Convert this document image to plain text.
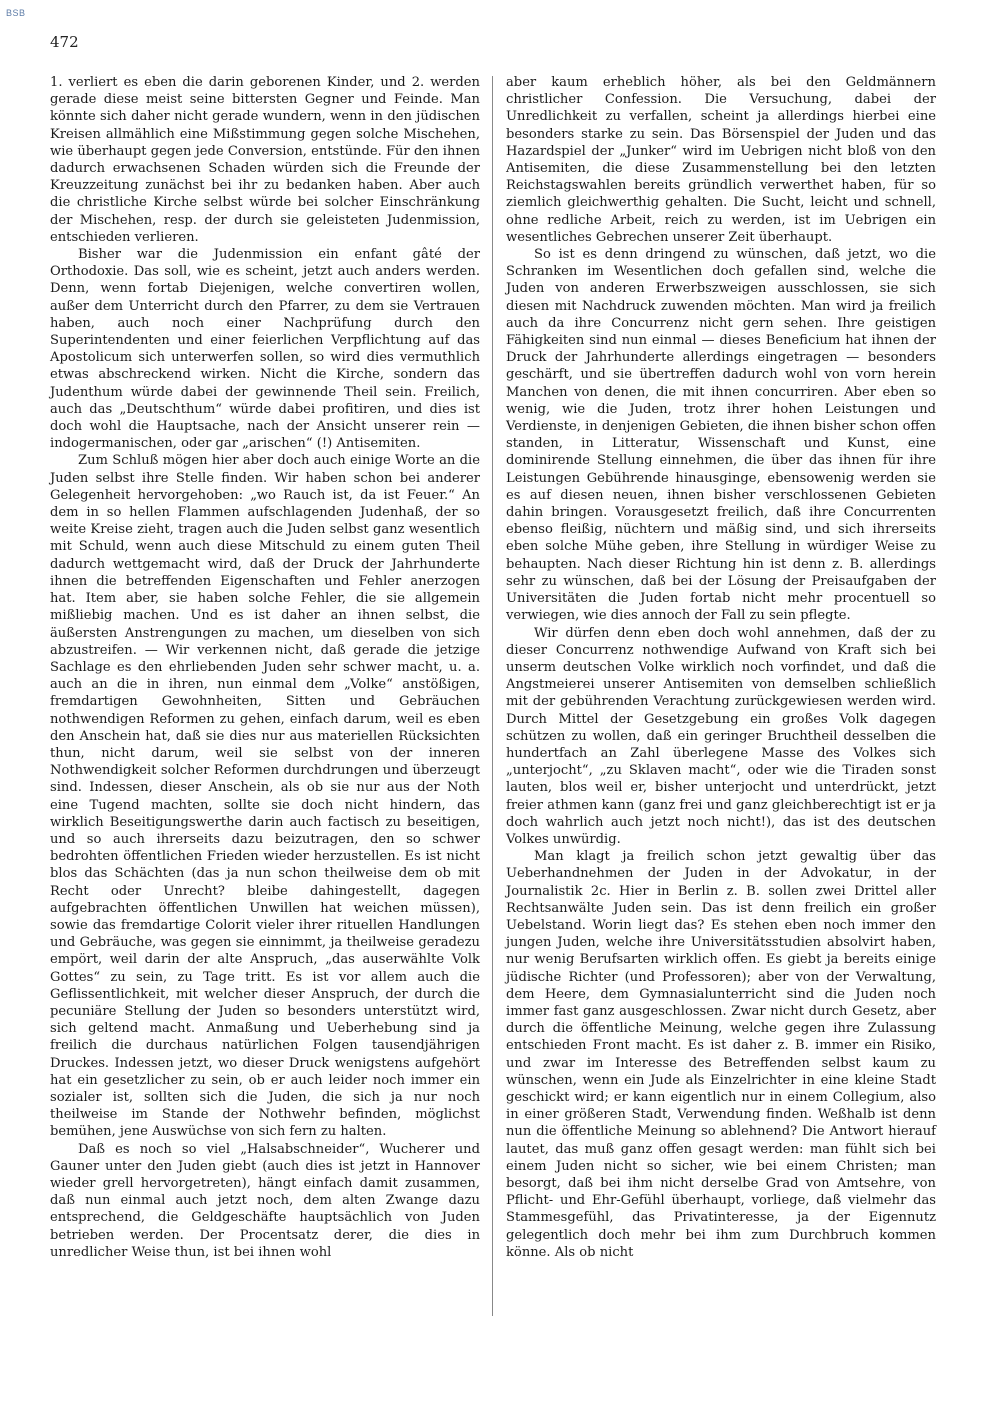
BSB
472

1. verliert es eben die darin geborenen Kinder, und 2. werden gerade diese meist seine bittersten Gegner und Feinde. Man könnte sich daher nicht gerade wundern, wenn in den jüdischen Kreisen allmählich eine Mißstimmung gegen solche Mischehen, wie überhaupt gegen jede Conversion, entstünde. Für den ihnen dadurch erwachsenen Schaden würden sich die Freunde der Kreuzzeitung zunächst bei ihr zu bedanken haben. Aber auch die christliche Kirche selbst würde bei solcher Einschränkung der Mischehen, resp. der durch sie geleisteten Judenmission, entschieden verlieren.

Bisher war die Judenmission ein enfant gâté der Orthodoxie. Das soll, wie es scheint, jetzt auch anders werden. Denn, wenn fortab Diejenigen, welche convertiren wollen, außer dem Unterricht durch den Pfarrer, zu dem sie Vertrauen haben, auch noch einer Nachprüfung durch den Superintendenten und einer feierlichen Verpflichtung auf das Apostolicum sich unterwerfen sollen, so wird dies vermuthlich etwas abschreckend wirken. Nicht die Kirche, sondern das Judenthum würde dabei der gewinnende Theil sein. Freilich, auch das „Deutschthum“ würde dabei profitiren, und dies ist doch wohl die Hauptsache, nach der Ansicht unserer rein — indogermanischen, oder gar „arischen“ (!) Antisemiten.

Zum Schluß mögen hier aber doch auch einige Worte an die Juden selbst ihre Stelle finden. Wir haben schon bei anderer Gelegenheit hervorgehoben: „wo Rauch ist, da ist Feuer.“ An dem in so hellen Flammen aufschlagenden Judenhaß, der so weite Kreise zieht, tragen auch die Juden selbst ganz wesentlich mit Schuld, wenn auch diese Mitschuld zu einem guten Theil dadurch wettgemacht wird, daß der Druck der Jahrhunderte ihnen die betreffenden Eigenschaften und Fehler anerzogen hat. Item aber, sie haben solche Fehler, die sie allgemein mißliebig machen. Und es ist daher an ihnen selbst, die äußersten Anstrengungen zu machen, um dieselben von sich abzustreifen. — Wir verkennen nicht, daß gerade die jetzige Sachlage es den ehrliebenden Juden sehr schwer macht, u. a. auch an die in ihren, nun einmal dem „Volke“ anstößigen, fremdartigen Gewohnheiten, Sitten und Gebräuchen nothwendigen Reformen zu gehen, einfach darum, weil es eben den Anschein hat, daß sie dies nur aus materiellen Rücksichten thun, nicht darum, weil sie selbst von der inneren Nothwendigkeit solcher Reformen durchdrungen und überzeugt sind. Indessen, dieser Anschein, als ob sie nur aus der Noth eine Tugend machten, sollte sie doch nicht hindern, das wirklich Beseitigungswerthe darin auch factisch zu beseitigen, und so auch ihrerseits dazu beizutragen, den so schwer bedrohten öffentlichen Frieden wieder herzustellen. Es ist nicht blos das Schächten (das ja nun schon theilweise dem ob mit Recht oder Unrecht? bleibe dahingestellt, dagegen aufgebrachten öffentlichen Unwillen hat weichen müssen), sowie das fremdartige Colorit vieler ihrer rituellen Handlungen und Gebräuche, was gegen sie einnimmt, ja theilweise geradezu empört, weil darin der alte Anspruch, „das auserwählte Volk Gottes“ zu sein, zu Tage tritt. Es ist vor allem auch die Geflissentlichkeit, mit welcher dieser Anspruch, der durch die pecuniäre Stellung der Juden so besonders unterstützt wird, sich geltend macht. Anmaßung und Ueberhebung sind ja freilich die durchaus natürlichen Folgen tausendjährigen Druckes. Indessen jetzt, wo dieser Druck wenigstens aufgehört hat ein gesetzlicher zu sein, ob er auch leider noch immer ein sozialer ist, sollten sich die Juden, die sich ja nur noch theilweise im Stande der Nothwehr befinden, möglichst bemühen, jene Auswüchse von sich fern zu halten.

Daß es noch so viel „Halsabschneider“, Wucherer und Gauner unter den Juden giebt (auch dies ist jetzt in Hannover wieder grell hervorgetreten), hängt einfach damit zusammen, daß nun einmal auch jetzt noch, dem alten Zwange dazu entsprechend, die Geldgeschäfte hauptsächlich von Juden betrieben werden. Der Procentsatz derer, die dies in unredlicher Weise thun, ist bei ihnen wohl

aber kaum erheblich höher, als bei den Geldmännern christlicher Confession. Die Versuchung, dabei der Unredlichkeit zu verfallen, scheint ja allerdings hierbei eine besonders starke zu sein. Das Börsenspiel der Juden und das Hazardspiel der „Junker“ wird im Uebrigen nicht bloß von den Antisemiten, die diese Zusammenstellung bei den letzten Reichstagswahlen bereits gründlich verwerthet haben, für so ziemlich gleichwerthig gehalten. Die Sucht, leicht und schnell, ohne redliche Arbeit, reich zu werden, ist im Uebrigen ein wesentliches Gebrechen unserer Zeit überhaupt.

So ist es denn dringend zu wünschen, daß jetzt, wo die Schranken im Wesentlichen doch gefallen sind, welche die Juden von anderen Erwerbszweigen ausschlossen, sie sich diesen mit Nachdruck zuwenden möchten. Man wird ja freilich auch da ihre Concurrenz nicht gern sehen. Ihre geistigen Fähigkeiten sind nun einmal — dieses Beneficium hat ihnen der Druck der Jahrhunderte allerdings eingetragen — besonders geschärft, und sie übertreffen dadurch wohl von vorn herein Manchen von denen, die mit ihnen concurriren. Aber eben so wenig, wie die Juden, trotz ihrer hohen Leistungen und Verdienste, in denjenigen Gebieten, die ihnen bisher schon offen standen, in Litteratur, Wissenschaft und Kunst, eine dominirende Stellung einnehmen, die über das ihnen für ihre Leistungen Gebührende hinausginge, ebensowenig werden sie es auf diesen neuen, ihnen bisher verschlossenen Gebieten dahin bringen. Vorausgesetzt freilich, daß ihre Concurrenten ebenso fleißig, nüchtern und mäßig sind, und sich ihrerseits eben solche Mühe geben, ihre Stellung in würdiger Weise zu behaupten. Nach dieser Richtung hin ist denn z. B. allerdings sehr zu wünschen, daß bei der Lösung der Preisaufgaben der Universitäten die Juden fortab nicht mehr procentuell so verwiegen, wie dies annoch der Fall zu sein pflegte.

Wir dürfen denn eben doch wohl annehmen, daß der zu dieser Concurrenz nothwendige Aufwand von Kraft sich bei unserm deutschen Volke wirklich noch vorfindet, und daß die Angstmeierei unserer Antisemiten von demselben schließlich mit der gebührenden Verachtung zurückgewiesen werden wird. Durch Mittel der Gesetzgebung ein großes Volk dagegen schützen zu wollen, daß ein geringer Bruchtheil desselben die hundertfach an Zahl überlegene Masse des Volkes sich „unterjocht“, „zu Sklaven macht“, oder wie die Tiraden sonst lauten, blos weil er, bisher unterjocht und unterdrückt, jetzt freier athmen kann (ganz frei und ganz gleichberechtigt ist er ja doch wahrlich auch jetzt noch nicht!), das ist des deutschen Volkes unwürdig.

Man klagt ja freilich schon jetzt gewaltig über das Ueberhandnehmen der Juden in der Advokatur, in der Journalistik 2c. Hier in Berlin z. B. sollen zwei Drittel aller Rechtsanwälte Juden sein. Das ist denn freilich ein großer Uebelstand. Worin liegt das? Es stehen eben noch immer den jungen Juden, welche ihre Universitätsstudien absolvirt haben, nur wenig Berufsarten wirklich offen. Es giebt ja bereits einige jüdische Richter (und Professoren); aber von der Verwaltung, dem Heere, dem Gymnasialunterricht sind die Juden noch immer fast ganz ausgeschlossen. Zwar nicht durch Gesetz, aber durch die öffentliche Meinung, welche gegen ihre Zulassung entschieden Front macht. Es ist daher z. B. immer ein Risiko, und zwar im Interesse des Betreffenden selbst kaum zu wünschen, wenn ein Jude als Einzelrichter in eine kleine Stadt geschickt wird; er kann eigentlich nur in einem Collegium, also in einer größeren Stadt, Verwendung finden. Weßhalb ist denn nun die öffentliche Meinung so ablehnend? Die Antwort hierauf lautet, das muß ganz offen gesagt werden: man fühlt sich bei einem Juden nicht so sicher, wie bei einem Christen; man besorgt, daß bei ihm nicht derselbe Grad von Amtsehre, von Pflicht- und Ehr-Gefühl überhaupt, vorliege, daß vielmehr das Stammesgefühl, das Privatinteresse, ja der Eigennutz gelegentlich doch mehr bei ihm zum Durchbruch kommen könne. Als ob nicht
